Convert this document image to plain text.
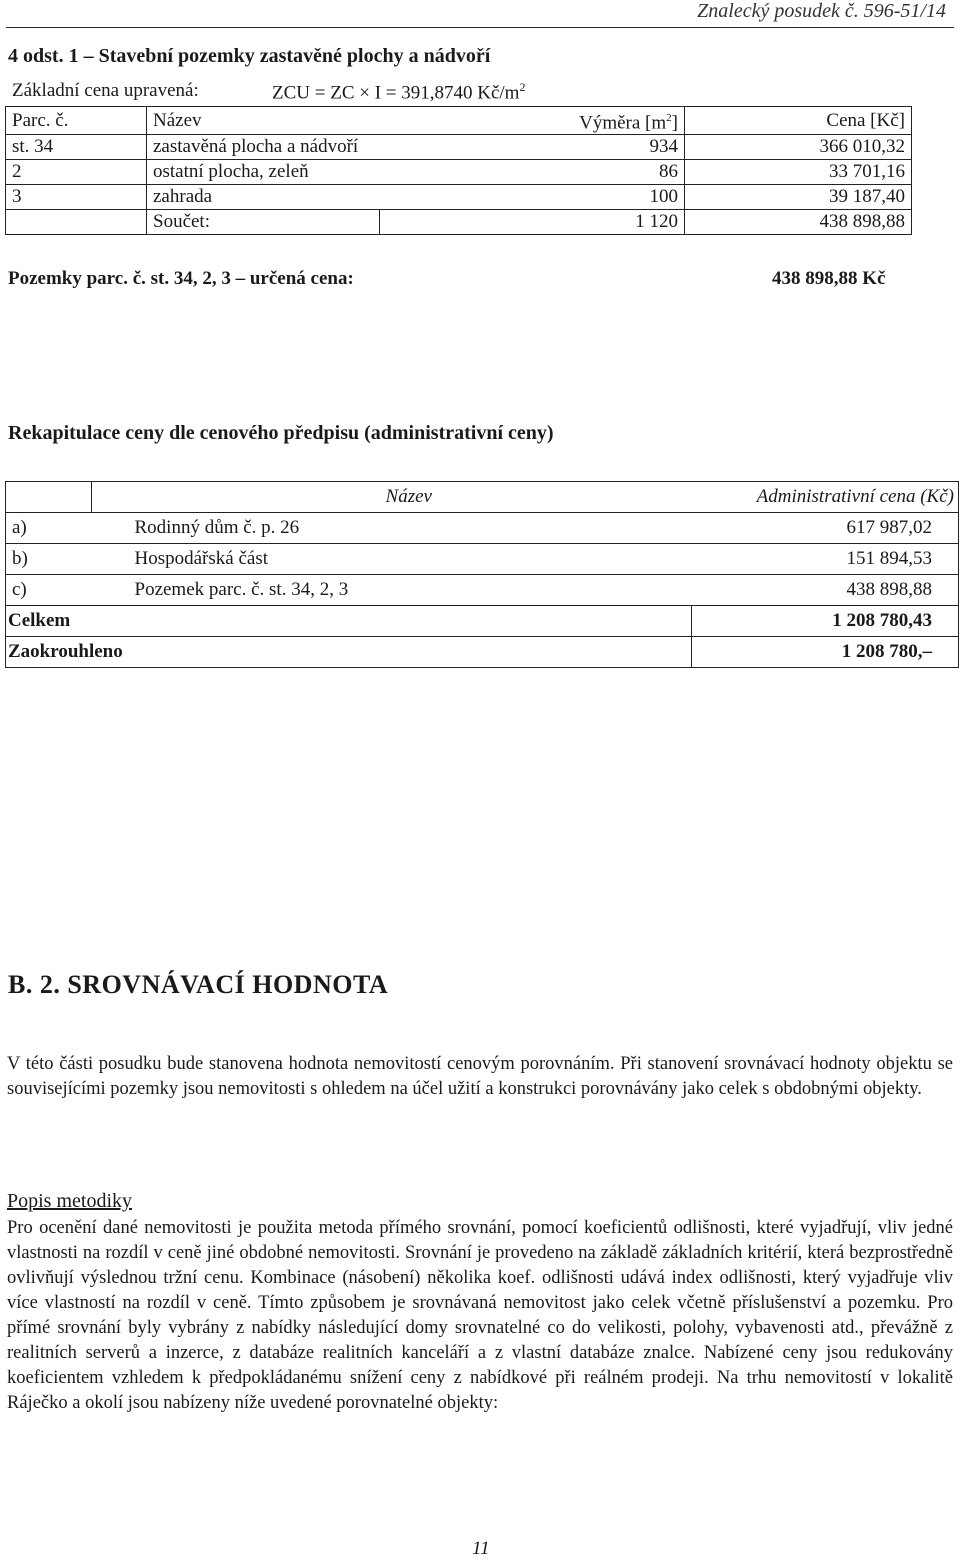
Znalecký posudek č. 596-51/14
4 odst. 1 – Stavební pozemky zastavěné plochy a nádvoří
Základní cena upravená:	ZCU = ZC × I = 391,8740 $Kč/m^2$
Parc. č.	Název	Výměra $[m^2]$	Cena [Kč]
st. 34	zastavěná plocha a nádvoří	934	366 010,32
2	ostatní plocha, zeleň	86	33 701,16
3	zahrada	100	39 187,40
	Součet:	1 120	438 898,88
Pozemky parc. č. st. 34, 2, 3 – určená cena:	438 898,88 Kč
Rekapitulace ceny dle cenového předpisu (administrativní ceny)
	Název	Administrativní cena (Kč)
a)	Rodinný dům č. p. 26	617 987,02
b)	Hospodářská část	151 894,53
c)	Pozemek parc. č. st. 34, 2, 3	438 898,88
Celkem		1 208 780,43
Zaokrouhleno		1 208 780,–
B. 2. SROVNÁVACÍ HODNOTA
V této části posudku bude stanovena hodnota nemovitostí cenovým porovnáním. Při stanovení srovnávací hodnoty objektu se souvisejícími pozemky jsou nemovitosti s ohledem na účel užití a konstrukci porovnávány jako celek s obdobnými objekty.
Popis metodiky
Pro ocenění dané nemovitosti je použita metoda přímého srovnání, pomocí koeficientů odlišnosti, které vyjadřují, vliv jedné vlastnosti na rozdíl v ceně jiné obdobné nemovitosti. Srovnání je provedeno na základě základních kritérií, která bezprostředně ovlivňují výslednou tržní cenu. Kombinace (násobení) několika koef. odlišnosti udává index odlišnosti, který vyjadřuje vliv více vlastností na rozdíl v ceně. Tímto způsobem je srovnávaná nemovitost jako celek včetně příslušenství a pozemku. Pro přímé srovnání byly vybrány z nabídky následující domy srovnatelné co do velikosti, polohy, vybavenosti atd., převážně z realitních serverů a inzerce, z databáze realitních kanceláří a z vlastní databáze znalce. Nabízené ceny jsou redukovány koeficientem vzhledem k předpokládanému snížení ceny z nabídkové při reálném prodeji. Na trhu nemovitostí v lokalitě Ráječko a okolí jsou nabízeny níže uvedené porovnatelné objekty:
11
